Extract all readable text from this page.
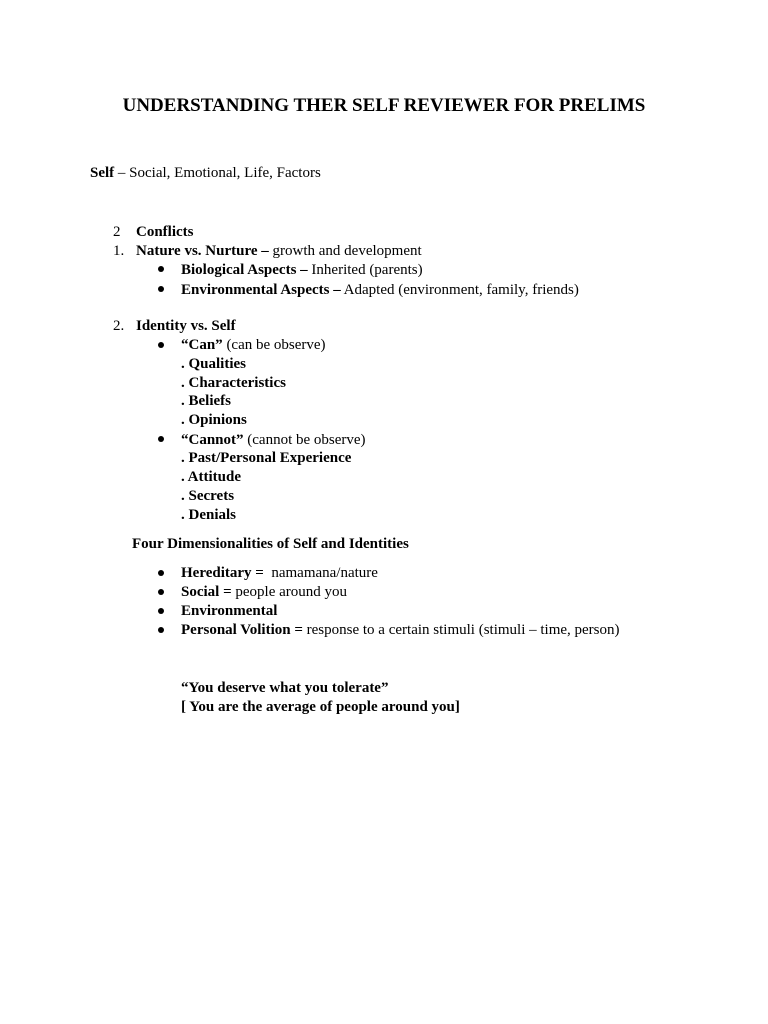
UNDERSTANDING THER SELF REVIEWER FOR PRELIMS
Self – Social, Emotional, Life, Factors
2 Conflicts
1. Nature vs. Nurture – growth and development
Biological Aspects – Inherited (parents)
Environmental Aspects – Adapted (environment, family, friends)
2. Identity vs. Self
“Can” (can be observe)
. Qualities
. Characteristics
. Beliefs
. Opinions
“Cannot” (cannot be observe)
. Past/Personal Experience
. Attitude
. Secrets
. Denials
Four Dimensionalities of Self and Identities
Hereditary =  namamana/nature
Social = people around you
Environmental
Personal Volition = response to a certain stimuli (stimuli – time, person)
“You deserve what you tolerate”
[ You are the average of people around you]
